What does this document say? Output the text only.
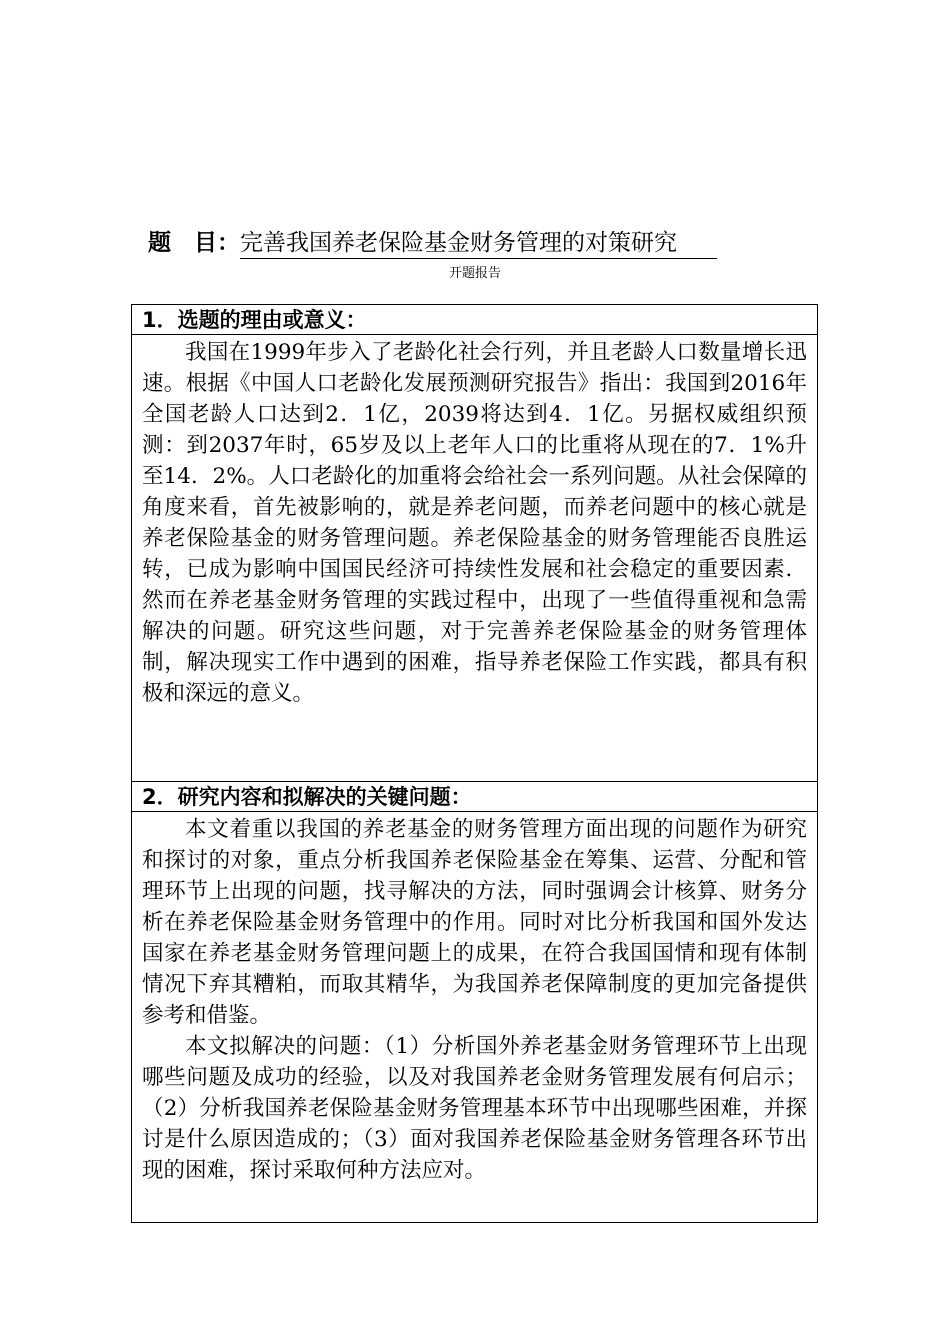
题　目：完善我国养老保险基金财务管理的对策研究
开题报告
1．选题的理由或意义：

我国在1999年步入了老龄化社会行列，并且老龄人口数量增长迅速。根据《中国人口老龄化发展预测研究报告》指出：我国到2016年全国老龄人口达到2．1亿，2039将达到4．1亿。另据权威组织预测：到2037年时，65岁及以上老年人口的比重将从现在的7．1%升至14．2%。人口老龄化的加重将会给社会一系列问题。从社会保障的角度来看，首先被影响的，就是养老问题，而养老问题中的核心就是养老保险基金的财务管理问题。养老保险基金的财务管理能否良胜运转，已成为影响中国国民经济可持续性发展和社会稳定的重要因素．然而在养老基金财务管理的实践过程中，出现了一些值得重视和急需解决的问题。研究这些问题，对于完善养老保险基金的财务管理体制，解决现实工作中遇到的困难，指导养老保险工作实践，都具有积极和深远的意义。

2．研究内容和拟解决的关键问题：

本文着重以我国的养老基金的财务管理方面出现的问题作为研究和探讨的对象，重点分析我国养老保险基金在筹集、运营、分配和管理环节上出现的问题，找寻解决的方法，同时强调会计核算、财务分析在养老保险基金财务管理中的作用。同时对比分析我国和国外发达国家在养老基金财务管理问题上的成果，在符合我国国情和现有体制情况下弃其糟粕，而取其精华，为我国养老保障制度的更加完备提供参考和借鉴。

本文拟解决的问题：（1）分析国外养老基金财务管理环节上出现哪些问题及成功的经验，以及对我国养老金财务管理发展有何启示；（2）分析我国养老保险基金财务管理基本环节中出现哪些困难，并探讨是什么原因造成的；（3）面对我国养老保险基金财务管理各环节出现的困难，探讨采取何种方法应对。
